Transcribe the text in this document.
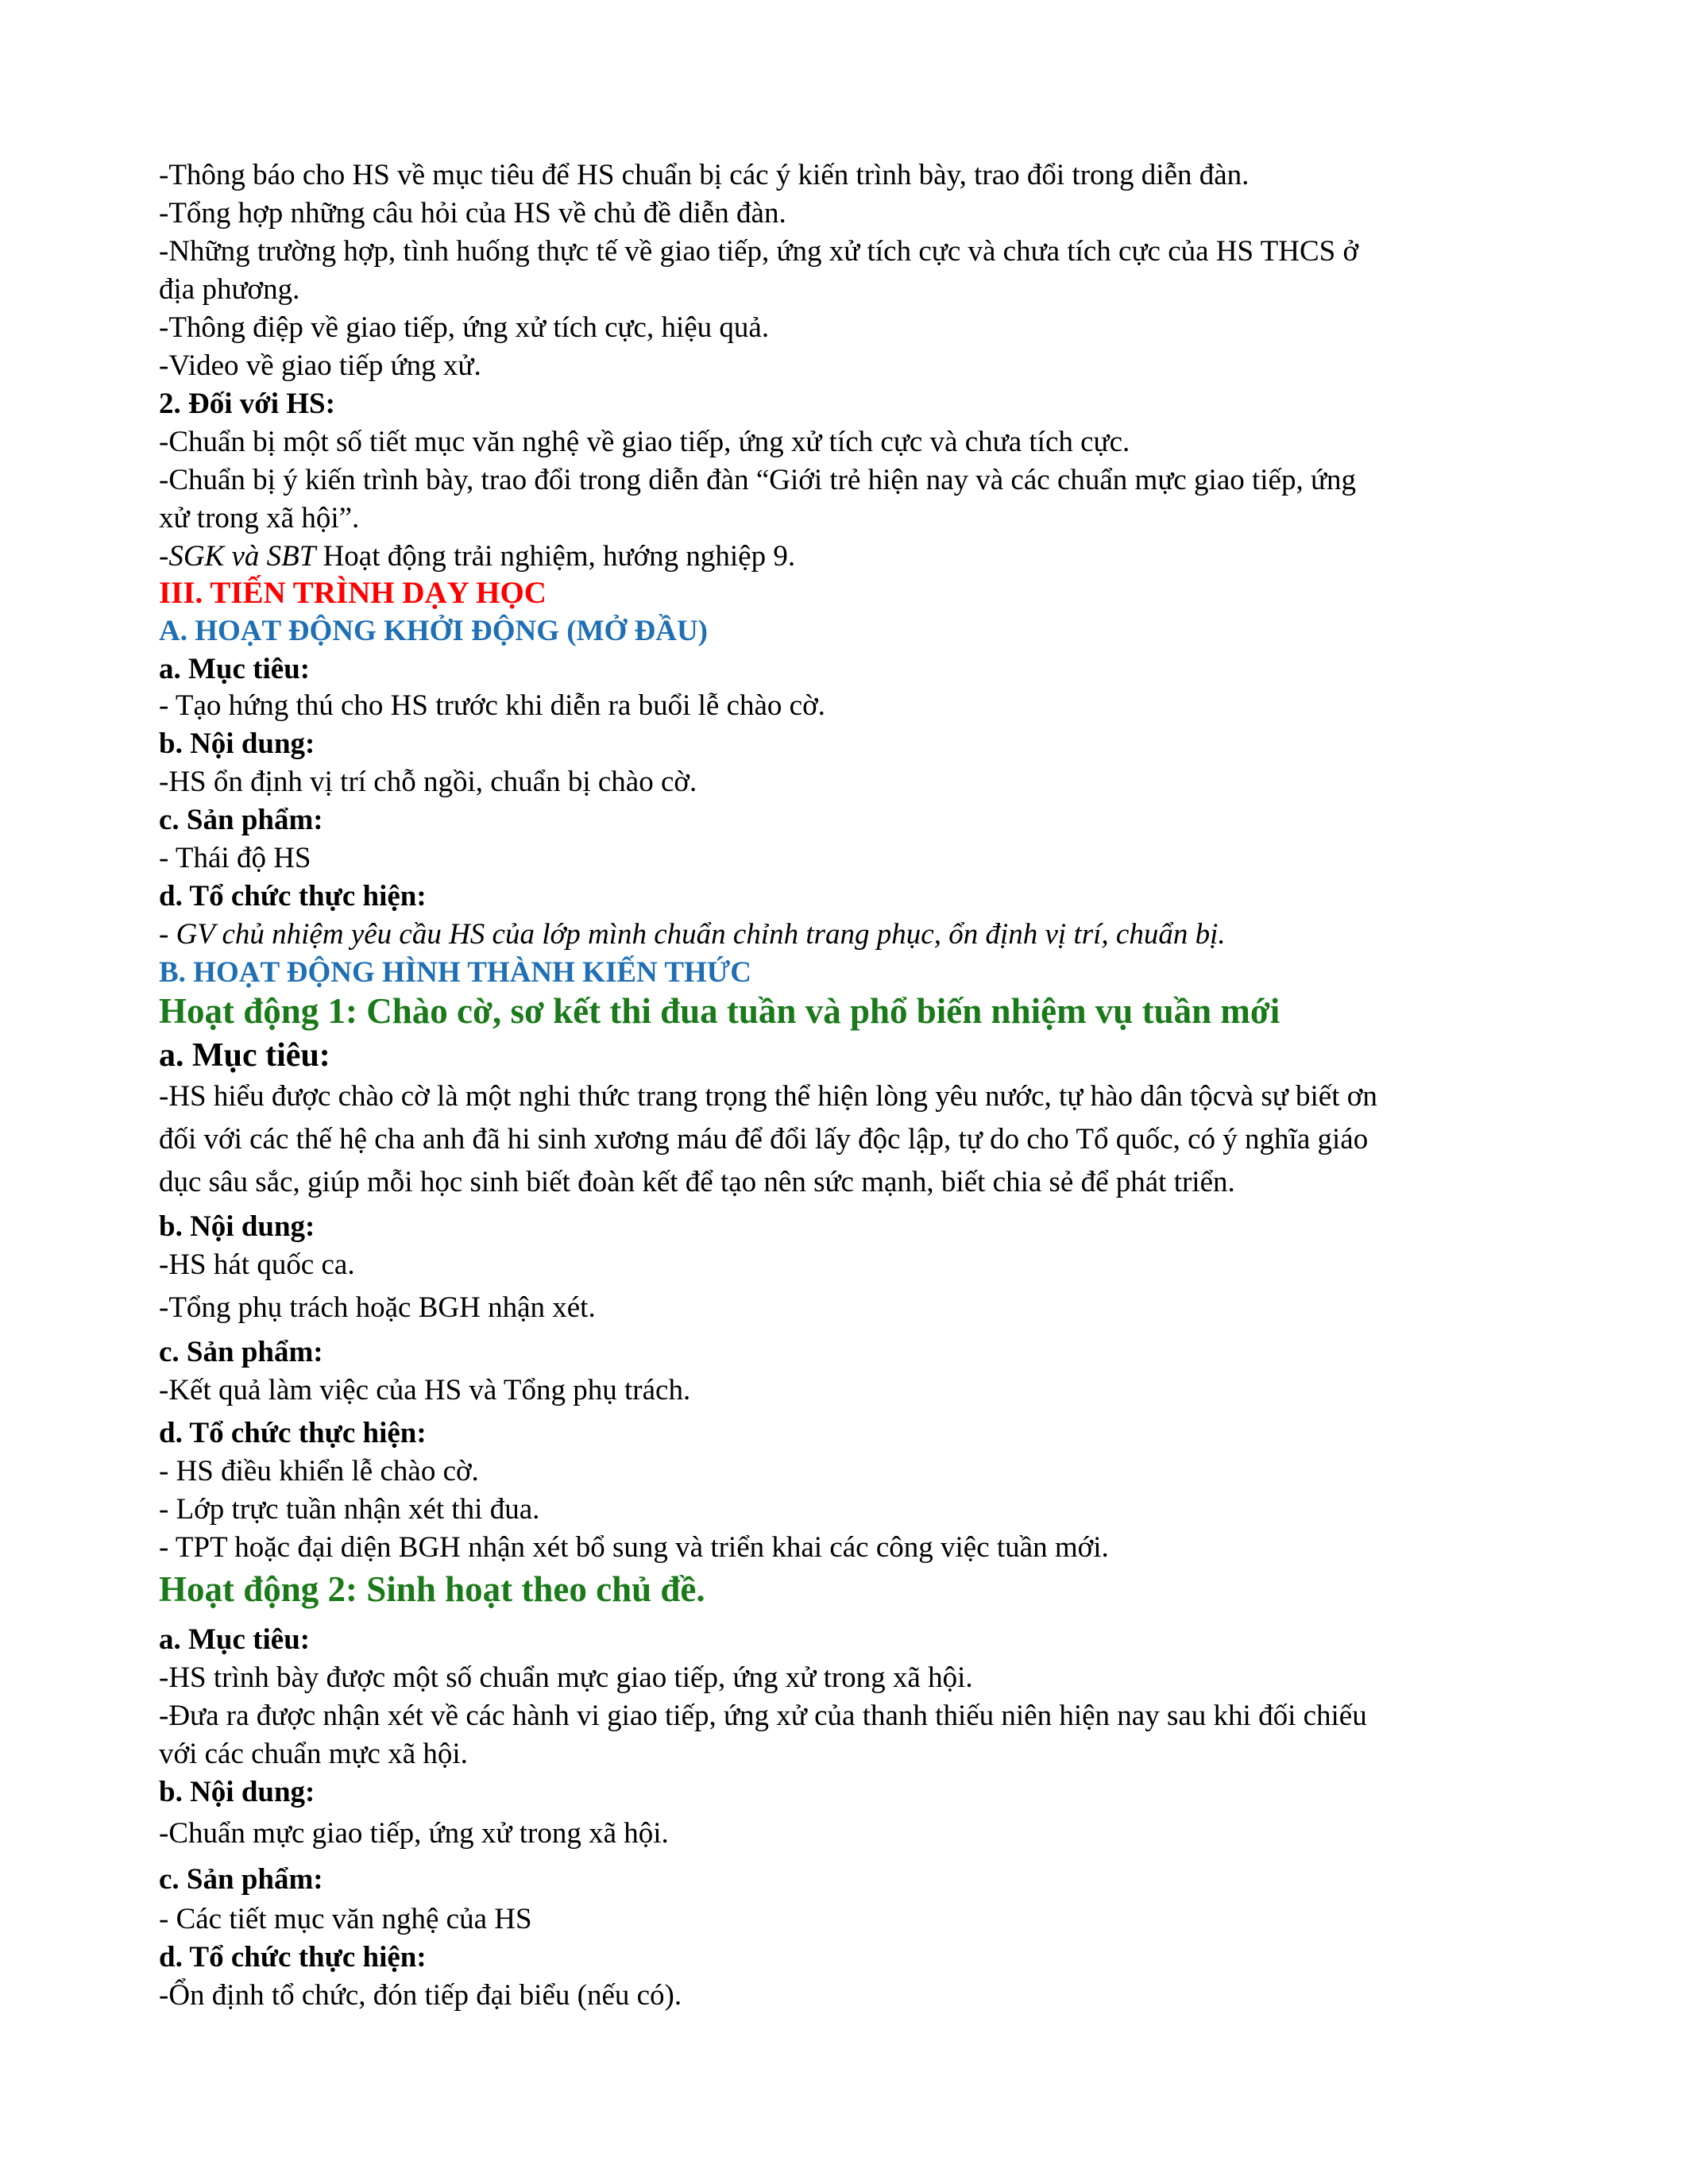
-Thông báo cho HS về mục tiêu để HS chuẩn bị các ý kiến trình bày, trao đổi trong diễn đàn.
-Tổng hợp những câu hỏi của HS về chủ đề diễn đàn.
-Những trường hợp, tình huống thực tế về giao tiếp, ứng xử tích cực và chưa tích cực của HS THCS ở
địa phương.
-Thông điệp về giao tiếp, ứng xử tích cực, hiệu quả.
-Video về giao tiếp ứng xử.
2. Đối với HS:
-Chuẩn bị một số tiết mục văn nghệ về giao tiếp, ứng xử tích cực và chưa tích cực.
-Chuẩn bị ý kiến trình bày, trao đổi trong diễn đàn “Giới trẻ hiện nay và các chuẩn mực giao tiếp, ứng
xử trong xã hội”.
-SGK và SBT Hoạt động trải nghiệm, hướng nghiệp 9.
III. TIẾN TRÌNH DẠY HỌC
A. HOẠT ĐỘNG KHỞI ĐỘNG (MỞ ĐẦU)
a. Mục tiêu:
- Tạo hứng thú cho HS trước khi diễn ra buổi lễ chào cờ.
b. Nội dung:
-HS ổn định vị trí chỗ ngồi, chuẩn bị chào cờ.
c. Sản phẩm:
- Thái độ HS
d. Tổ chức thực hiện:
- GV chủ nhiệm yêu cầu HS của lớp mình chuẩn chỉnh trang phục, ổn định vị trí, chuẩn bị.
B. HOẠT ĐỘNG HÌNH THÀNH KIẾN THỨC
Hoạt động 1: Chào cờ, sơ kết thi đua tuần và phổ biến nhiệm vụ tuần mới
a. Mục tiêu:
-HS hiểu được chào cờ là một nghi thức trang trọng thể hiện lòng yêu nước, tự hào dân tộcvà sự biết ơn
đối với các thế hệ cha anh đã hi sinh xương máu để đổi lấy độc lập, tự do cho Tổ quốc, có ý nghĩa giáo
dục sâu sắc, giúp mỗi học sinh biết đoàn kết để tạo nên sức mạnh, biết chia sẻ để phát triển.
b. Nội dung:
-HS hát quốc ca.
-Tổng phụ trách hoặc BGH nhận xét.
c. Sản phẩm:
-Kết quả làm việc của HS và Tổng phụ trách.
d. Tổ chức thực hiện:
- HS điều khiển lễ chào cờ.
- Lớp trực tuần nhận xét thi đua.
- TPT hoặc đại diện BGH nhận xét bổ sung và triển khai các công việc tuần mới.
Hoạt động 2: Sinh hoạt theo chủ đề.
a. Mục tiêu:
-HS trình bày được một số chuẩn mực giao tiếp, ứng xử trong xã hội.
-Đưa ra được nhận xét về các hành vi giao tiếp, ứng xử của thanh thiếu niên hiện nay sau khi đối chiếu
với các chuẩn mực xã hội.
b. Nội dung:
-Chuẩn mực giao tiếp, ứng xử trong xã hội.
c. Sản phẩm:
- Các tiết mục văn nghệ của HS
d. Tổ chức thực hiện:
-Ổn định tổ chức, đón tiếp đại biểu (nếu có).
